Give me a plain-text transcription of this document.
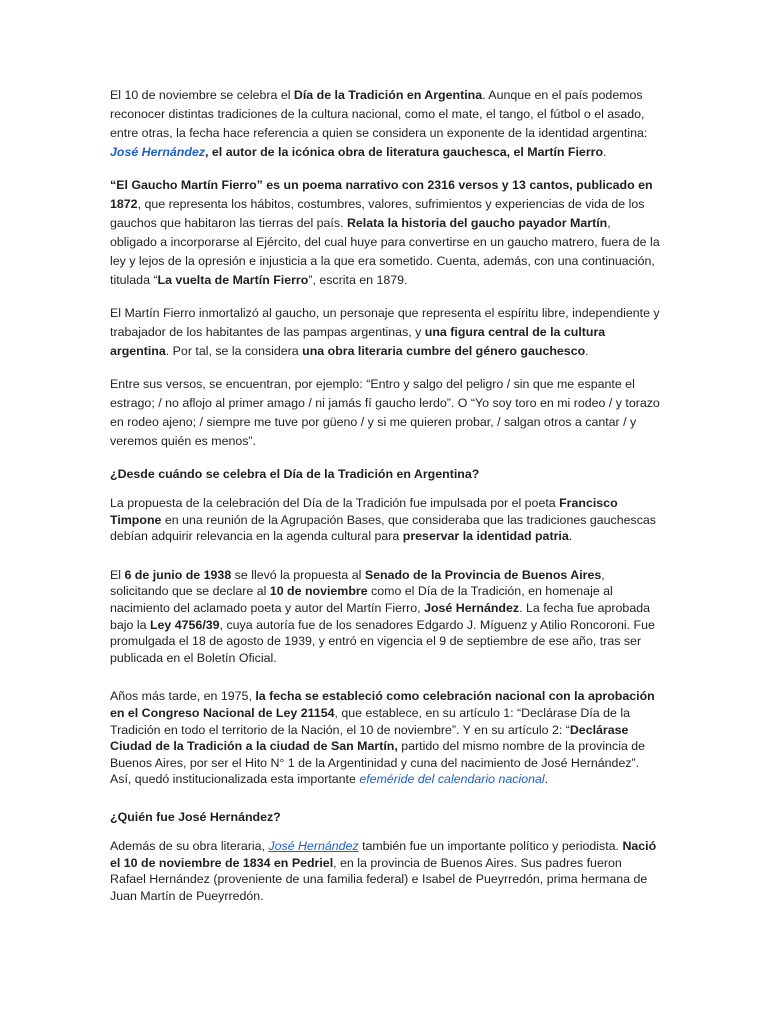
El 10 de noviembre se celebra el Día de la Tradición en Argentina. Aunque en el país podemos reconocer distintas tradiciones de la cultura nacional, como el mate, el tango, el fútbol o el asado, entre otras, la fecha hace referencia a quien se considera un exponente de la identidad argentina: José Hernández, el autor de la icónica obra de literatura gauchesca, el Martín Fierro.

“El Gaucho Martín Fierro” es un poema narrativo con 2316 versos y 13 cantos, publicado en 1872, que representa los hábitos, costumbres, valores, sufrimientos y experiencias de vida de los gauchos que habitaron las tierras del país. Relata la historia del gaucho payador Martín, obligado a incorporarse al Ejército, del cual huye para convertirse en un gaucho matrero, fuera de la ley y lejos de la opresión e injusticia a la que era sometido. Cuenta, además, con una continuación, titulada “La vuelta de Martín Fierro”, escrita en 1879.

El Martín Fierro inmortalizó al gaucho, un personaje que representa el espíritu libre, independiente y trabajador de los habitantes de las pampas argentinas, y una figura central de la cultura argentina. Por tal, se la considera una obra literaria cumbre del género gauchesco.

Entre sus versos, se encuentran, por ejemplo: “Entro y salgo del peligro / sin que me espante el estrago; / no aflojo al primer amago / ni jamás fí gaucho lerdo”. O “Yo soy toro en mi rodeo / y torazo en rodeo ajeno; / siempre me tuve por güeno / y si me quieren probar, / salgan otros a cantar / y veremos quién es menos”.

¿Desde cuándo se celebra el Día de la Tradición en Argentina?

La propuesta de la celebración del Día de la Tradición fue impulsada por el poeta Francisco Timpone en una reunión de la Agrupación Bases, que consideraba que las tradiciones gauchescas debían adquirir relevancia en la agenda cultural para preservar la identidad patria.

El 6 de junio de 1938 se llevó la propuesta al Senado de la Provincia de Buenos Aires, solicitando que se declare al 10 de noviembre como el Día de la Tradición, en homenaje al nacimiento del aclamado poeta y autor del Martín Fierro, José Hernández. La fecha fue aprobada bajo la Ley 4756/39, cuya autoría fue de los senadores Edgardo J. Míguenz y Atilio Roncoroni. Fue promulgada el 18 de agosto de 1939, y entró en vigencia el 9 de septiembre de ese año, tras ser publicada en el Boletín Oficial.

Años más tarde, en 1975, la fecha se estableció como celebración nacional con la aprobación en el Congreso Nacional de Ley 21154, que establece, en su artículo 1: “Declárase Día de la Tradición en todo el territorio de la Nación, el 10 de noviembre”. Y en su artículo 2: “Declárase Ciudad de la Tradición a la ciudad de San Martín, partido del mismo nombre de la provincia de Buenos Aires, por ser el Hito N° 1 de la Argentinidad y cuna del nacimiento de José Hernández”. Así, quedó institucionalizada esta importante efeméride del calendario nacional.

¿Quién fue José Hernández?

Además de su obra literaria, José Hernández también fue un importante político y periodista. Nació el 10 de noviembre de 1834 en Pedriel, en la provincia de Buenos Aires. Sus padres fueron Rafael Hernández (proveniente de una familia federal) e Isabel de Pueyrredón, prima hermana de Juan Martín de Pueyrredón.
